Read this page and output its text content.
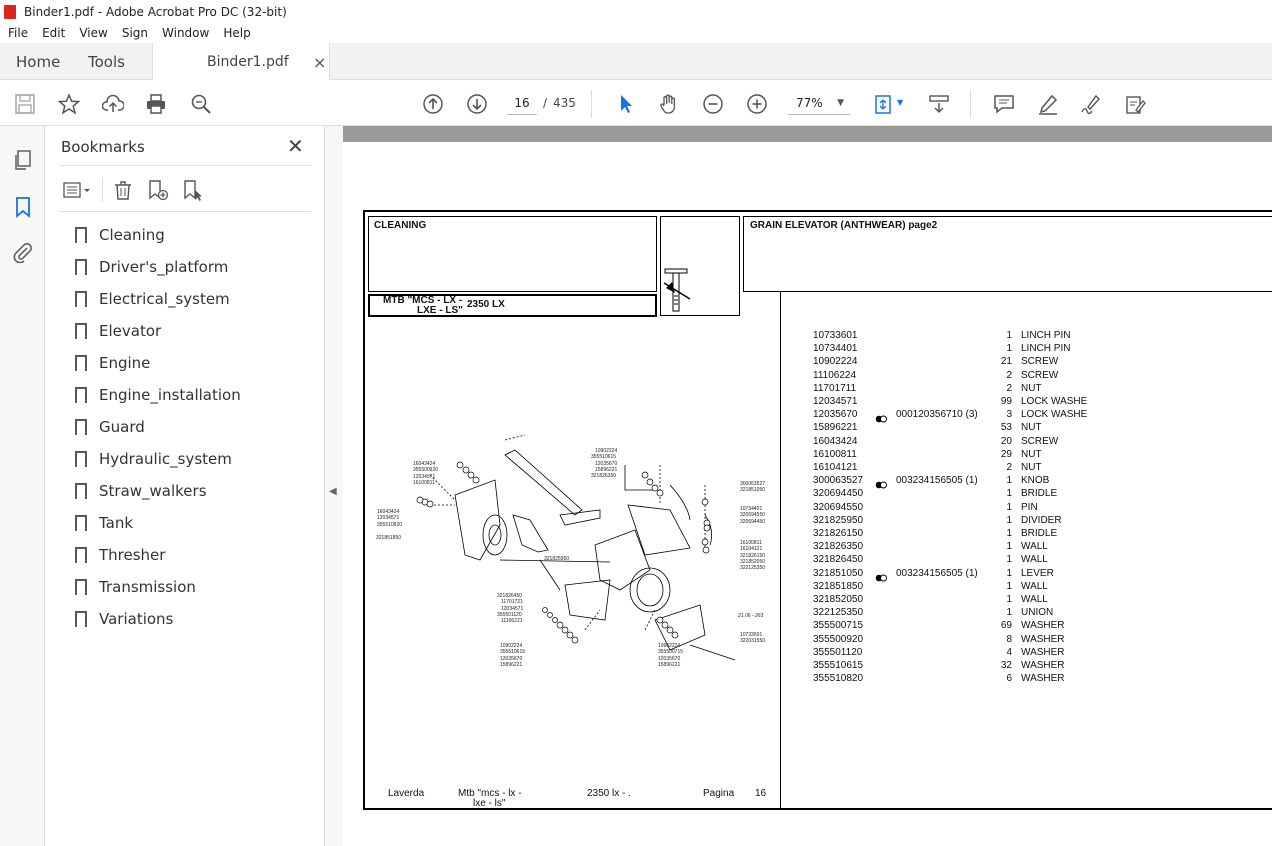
Binder1.pdf - Adobe Acrobat Pro DC (32-bit)
File	Edit	View	Sign	Window	Help
Home Tools	Binder1.pdf ×
16	/ 435	77% ▼	▼
Bookmarks	✕
Cleaning
Driver's_platform
Electrical_system
Elevator
Engine
Engine_installation
Guard
Hydraulic_system
Straw_walkers
Tank
Thresher
Transmission
Variations
◀
CLEANING
MTB "MCS - LX -
LXE - LS"
2350 LX
GRAIN ELEVATOR (ANTHWEAR) page2
10733601	1 LINCH PIN
10734401	1 LINCH PIN
10902224	21 SCREW
11106224	2 SCREW
11701711	2 NUT
12034571	99 LOCK WASHE
12035670	000120356710 (3)	3 LOCK WASHE
15896221	53 NUT
16043424	20 SCREW
16100811	29 NUT
16104121	2 NUT
300063527	003234156505 (1)	1 KNOB
320694450	1 BRIDLE
320694550	1 PIN
321825950	1 DIVIDER
321826150	1 BRIDLE
321826350	1 WALL
321826450	1 WALL
321851050	003234156505 (1)	1 LEVER
321851850	1 WALL
321852050	1 WALL
322125350	1 UNION
355500715	69 WASHER
355500920	8 WASHER
355501120	4 WASHER
355510615	32 WASHER
355510820	6 WASHER
16043424
355500920
12034571
16100811
16043424
12034571
355510820
321851850
10902224
355510615
12035670
15896221
321826350
300063527
321851050
10734401
320694550
320694450
16100811
16104121
321826150
321852050
322125350
321825950
321826450
11701721
12034571
355501120
11106221
10902224
355510615
12035670
15896221
10902224
355500715
12035670
15896221
10733601
322031550
21.06 - 263
Laverda	Mtb "mcs - lx -
lxe - ls"
2350 lx - .	Pagina 16
